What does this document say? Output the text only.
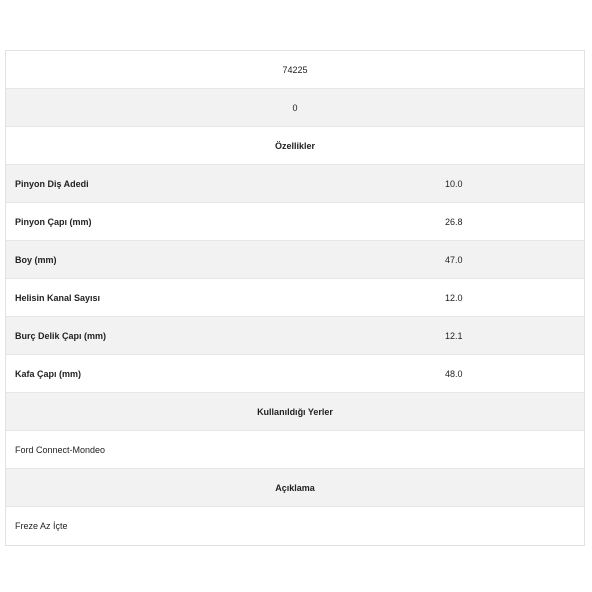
74225
0
Özellikler
Pinyon Diş Adedi	10.0
Pinyon Çapı (mm)	26.8
Boy (mm)	47.0
Helisin Kanal Sayısı	12.0
Burç Delik Çapı (mm)	12.1
Kafa Çapı (mm)	48.0
Kullanıldığı Yerler
Ford Connect-Mondeo
Açıklama
Freze Az İçte
